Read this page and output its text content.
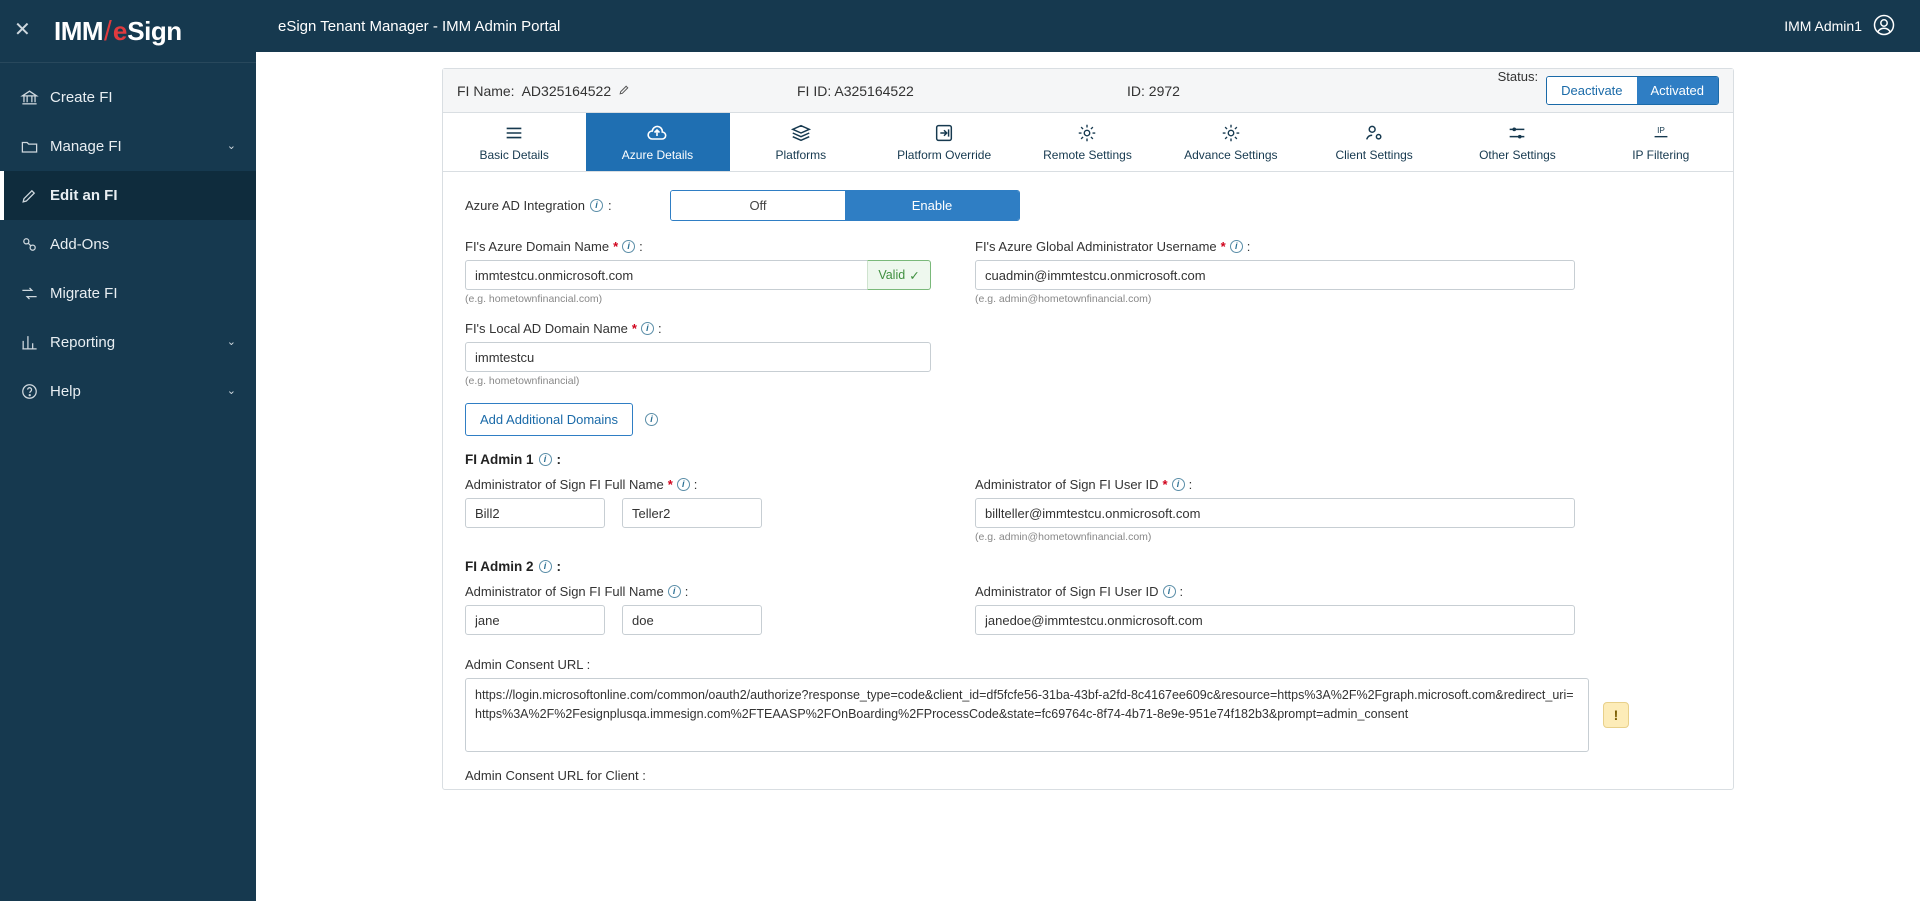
✕ IMM / e Sign
Create FI
Manage FI	⌄
Edit an FI
Add-Ons
Migrate FI
Reporting	⌄
Help	⌄
eSign Tenant Manager - IMM Admin Portal	IMM Admin1
FI Name: AD325164522	FI ID: A325164522	ID: 2972
Status:
Deactivate	Activated
Basic Details	Azure Details	Platforms	Platform Override	Remote Settings	Advance Settings	Client Settings	Other Settings
IP
IP Filtering
Azure AD Integration	i :	Off	Enable
FI's Azure Domain Name *	i :
immtestcu.onmicrosoft.com
Valid ✓
(e.g. hometownfinancial.com)
FI's Azure Global Administrator Username *	i :
cuadmin@immtestcu.onmicrosoft.com
(e.g. admin@hometownfinancial.com)
FI's Local AD Domain Name *	i :
immtestcu
(e.g. hometownfinancial)
Add Additional Domains	i
FI Admin 1	i :
Administrator of Sign FI Full Name *	i :
Bill2
Teller2	Administrator of Sign FI User ID *	i :
billteller@immtestcu.onmicrosoft.com
(e.g. admin@hometownfinancial.com)
FI Admin 2	i :
Administrator of Sign FI Full Name	i :
jane
doe	Administrator of Sign FI User ID	i :
janedoe@immtestcu.onmicrosoft.com
Admin Consent URL :
https://login.microsoftonline.com/common/oauth2/authorize?response_type=code&client_id=df5fcfe56-31ba-43bf-a2fd-8c4167ee609c&resource=https%3A%2F%2Fgraph.microsoft.com&redirect_uri=https%3A%2F%2Fesignplusqa.immesign.com%2FTEAASP%2FOnBoarding%2FProcessCode&state=fc69764c-8f74-4b71-8e9e-951e74f182b3&prompt=admin_consent
!
Admin Consent URL for Client :
